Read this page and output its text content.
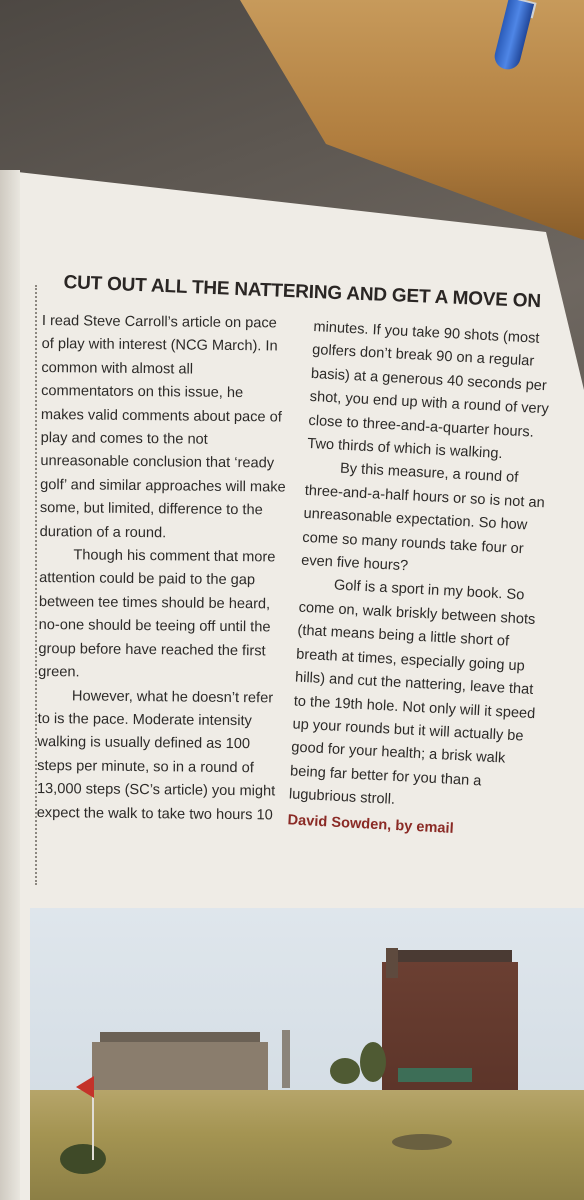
CUT OUT ALL THE NATTERING AND GET A MOVE ON

I read Steve Carroll’s article on pace of play with interest (NCG March). In common with almost all commentators on this issue, he makes valid comments about pace of play and comes to the not unreasonable conclusion that ‘ready golf’ and similar approaches will make some, but limited, difference to the duration of a round.

Though his comment that more attention could be paid to the gap between tee times should be heard, no-one should be teeing off until the group before have reached the first green.

However, what he doesn’t refer to is the pace. Moderate intensity walking is usually defined as 100 steps per minute, so in a round of 13,000 steps (SC’s article) you might expect the walk to take two hours 10

minutes. If you take 90 shots (most golfers don’t break 90 on a regular basis) at a generous 40 seconds per shot, you end up with a round of very close to three-and-a-quarter hours. Two thirds of which is walking.

By this measure, a round of three-and-a-half hours or so is not an unreasonable expectation. So how come so many rounds take four or even five hours?

Golf is a sport in my book. So come on, walk briskly between shots (that means being a little short of breath at times, especially going up hills) and cut the nattering, leave that to the 19th hole. Not only will it speed up your rounds but it will actually be good for your health; a brisk walk being far better for you than a lugubrious stroll.

David Sowden, by email
